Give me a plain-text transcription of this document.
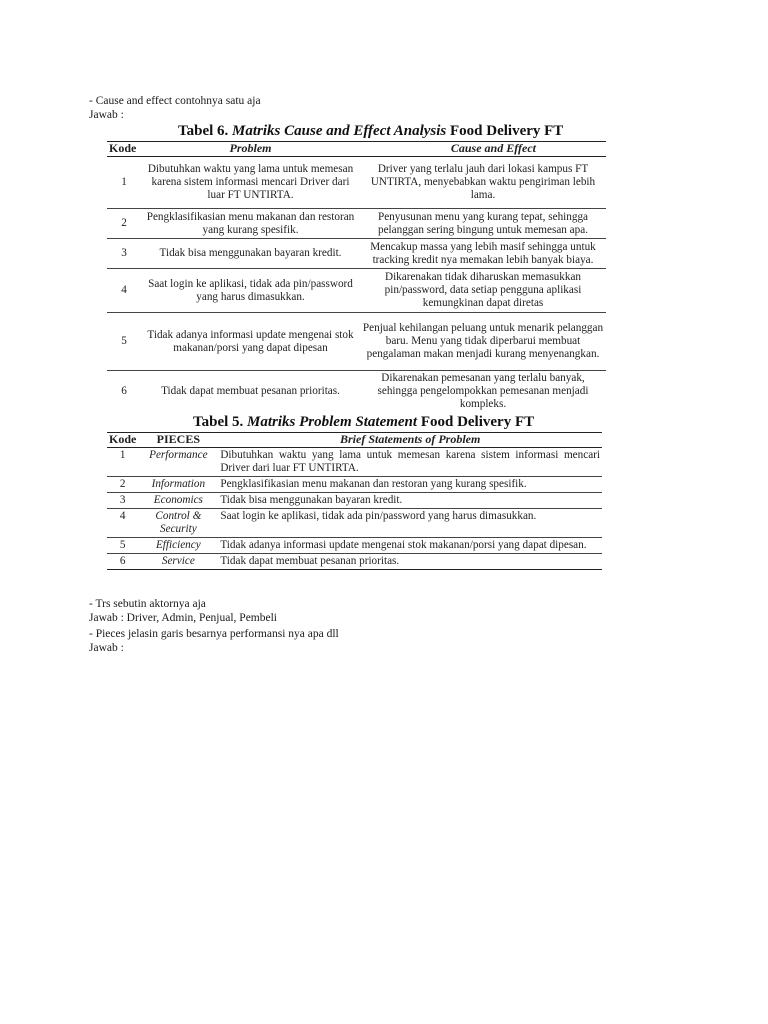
- Cause and effect contohnya satu aja
Jawab :
Tabel 6. Matriks Cause and Effect Analysis Food Delivery FT
Kode	Problem	Cause and Effect
1	Dibutuhkan waktu yang lama untuk memesan karena sistem informasi mencari Driver dari luar FT UNTIRTA.	Driver yang terlalu jauh dari lokasi kampus FT UNTIRTA, menyebabkan waktu pengiriman lebih lama.
2	Pengklasifikasian menu makanan dan restoran yang kurang spesifik.	Penyusunan menu yang kurang tepat, sehingga pelanggan sering bingung untuk memesan apa.
3	Tidak bisa menggunakan bayaran kredit.	Mencakup massa yang lebih masif sehingga untuk tracking kredit nya memakan lebih banyak biaya.
4	Saat login ke aplikasi, tidak ada pin/password yang harus dimasukkan.	Dikarenakan tidak diharuskan memasukkan pin/password, data setiap pengguna aplikasi kemungkinan dapat diretas
5	Tidak adanya informasi update mengenai stok makanan/porsi yang dapat dipesan	Penjual kehilangan peluang untuk menarik pelanggan baru. Menu yang tidak diperbarui membuat pengalaman makan menjadi kurang menyenangkan.
6	Tidak dapat membuat pesanan prioritas.	Dikarenakan pemesanan yang terlalu banyak, sehingga pengelompokkan pemesanan menjadi kompleks.
Tabel 5. Matriks Problem Statement Food Delivery FT
Kode	PIECES	Brief Statements of Problem
1	Performance	Dibutuhkan waktu yang lama untuk memesan karena sistem informasi mencari Driver dari luar FT UNTIRTA.
2	Information	Pengklasifikasian menu makanan dan restoran yang kurang spesifik.
3	Economics	Tidak bisa menggunakan bayaran kredit.
4	Control & Security	Saat login ke aplikasi, tidak ada pin/password yang harus dimasukkan.
5	Efficiency	Tidak adanya informasi update mengenai stok makanan/porsi yang dapat dipesan.
6	Service	Tidak dapat membuat pesanan prioritas.
- Trs sebutin aktornya aja
Jawab : Driver, Admin, Penjual, Pembeli
- Pieces jelasin garis besarnya performansi nya apa dll
Jawab :
